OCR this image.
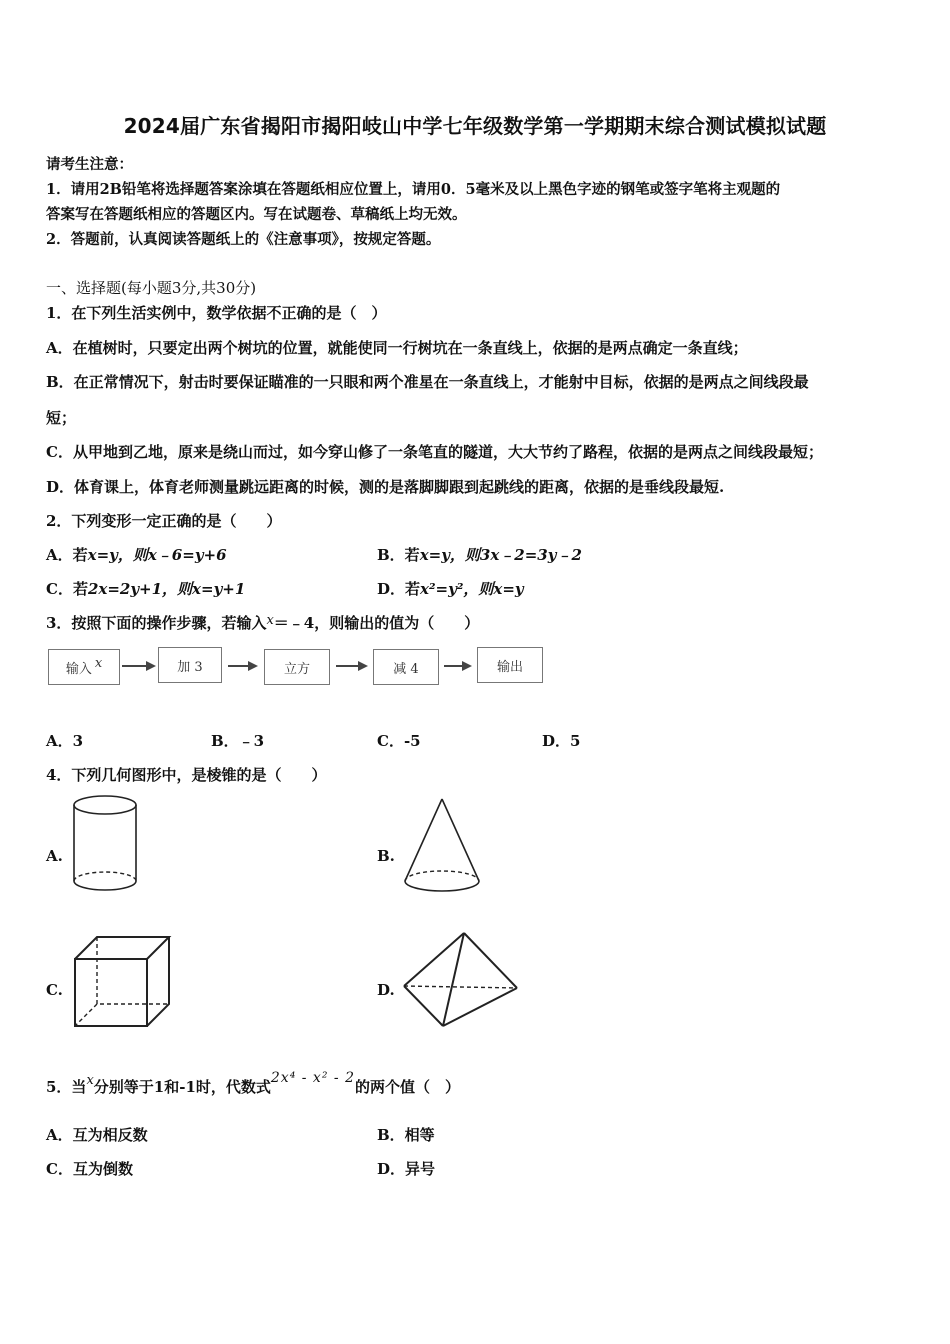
2024届广东省揭阳市揭阳岐山中学七年级数学第一学期期末综合测试模拟试题
请考生注意：
1．请用2B铅笔将选择题答案涂填在答题纸相应位置上，请用0．5毫米及以上黑色字迹的钢笔或签字笔将主观题的
答案写在答题纸相应的答题区内。写在试题卷、草稿纸上均无效。
2．答题前，认真阅读答题纸上的《注意事项》，按规定答题。
一、选择题(每小题3分,共30分)
1．在下列生活实例中，数学依据不正确的是（　）
A．在植树时，只要定出两个树坑的位置，就能使同一行树坑在一条直线上，依据的是两点确定一条直线；
B．在正常情况下，射击时要保证瞄准的一只眼和两个准星在一条直线上，才能射中目标，依据的是两点之间线段最
短；
C．从甲地到乙地，原来是绕山而过，如今穿山修了一条笔直的隧道，大大节约了路程，依据的是两点之间线段最短；
D．体育课上，体育老师测量跳远距离的时候，测的是落脚脚跟到起跳线的距离，依据的是垂线段最短.
2．下列变形一定正确的是（　　）
A．若x=y，则x﹣6=y+6	B．若x=y，则3x﹣2=3y﹣2
C．若2x=2y+1，则x=y+1	D．若x²=y²，则x=y
3．按照下面的操作步骤，若输入x＝﹣4，则输出的值为（　　）
输入 x	加 3	立方	减 4	输出
A．3	B．﹣3	C．-5	D．5
4．下列几何图形中，是棱锥的是（　　）
A.	B.
C.	D.
5．当x分别等于1和-1时，代数式2x⁴ - x² - 2的两个值（　）
A．互为相反数	B．相等
C．互为倒数	D．异号
